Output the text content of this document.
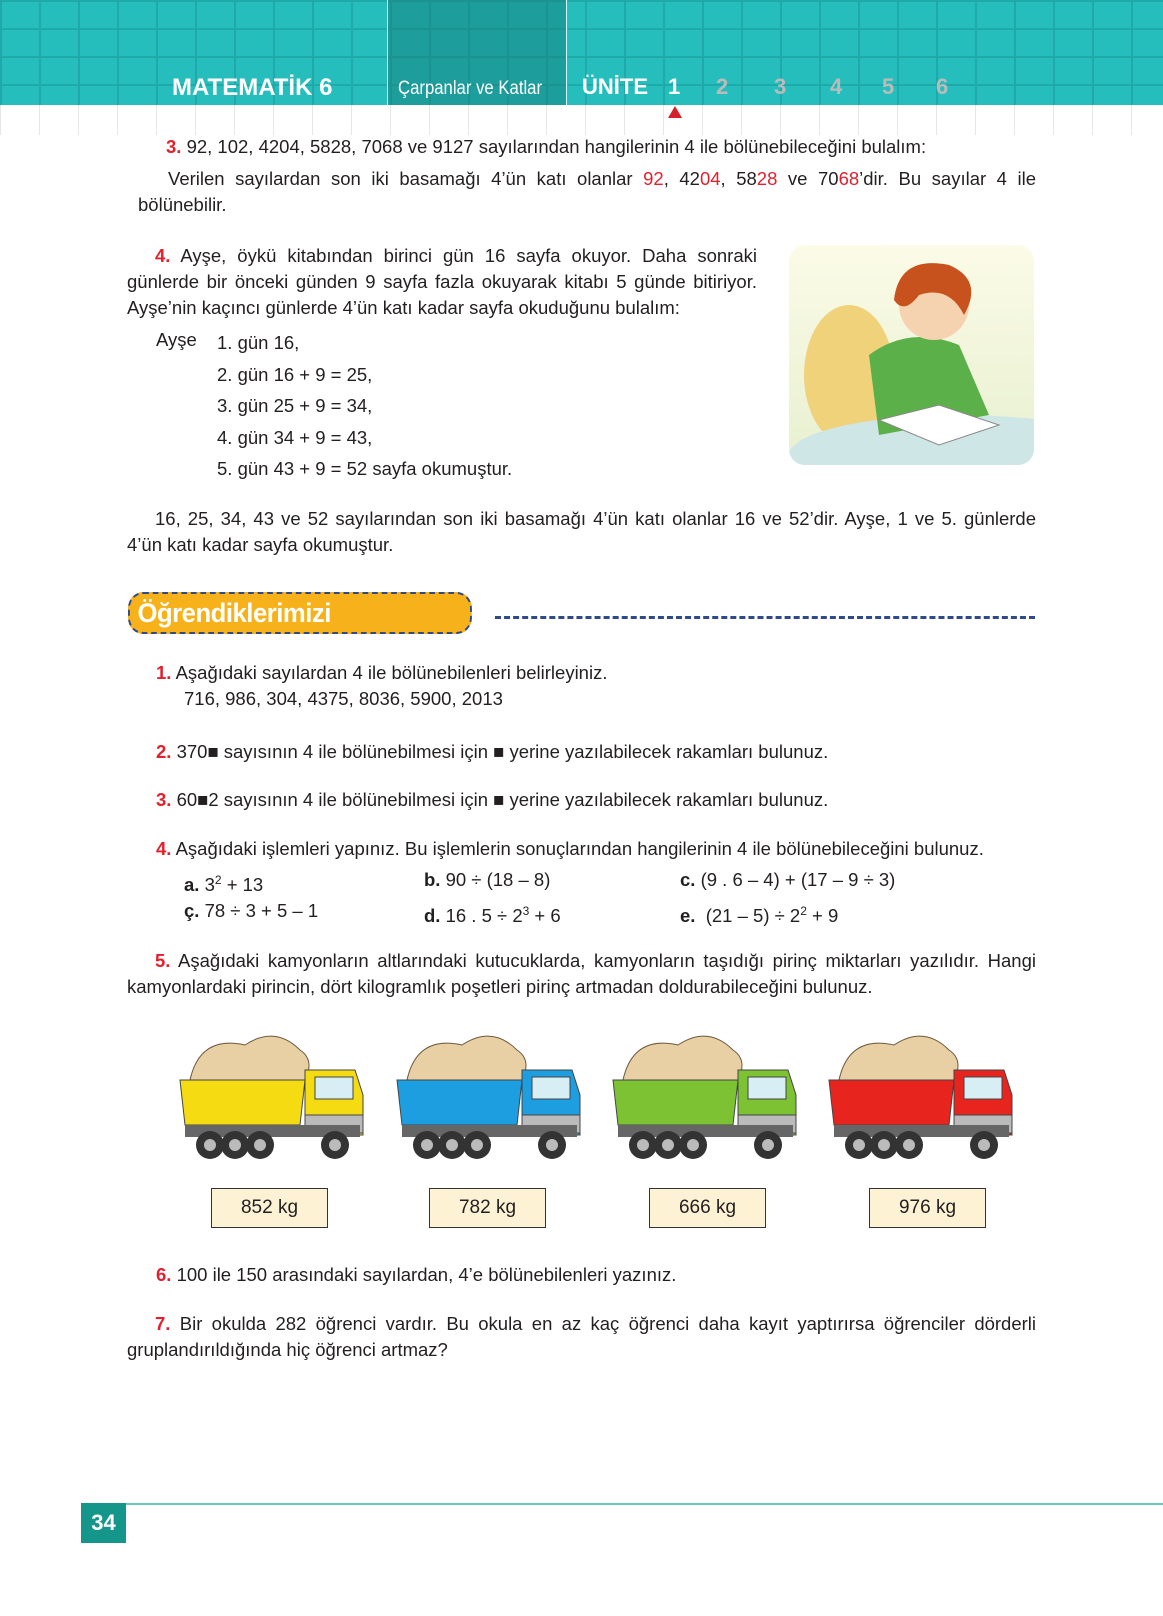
MATEMATİK 6	Çarpanlar ve Katlar ÜNİTE 1 2 3 4 5 6
3. 92, 102, 4204, 5828, 7068 ve 9127 sayılarından hangilerinin 4 ile bölünebileceğini bulalım:
Verilen sayılardan son iki basamağı 4’ün katı olanlar 92, 4204, 5828 ve 7068’dir. Bu sayılar 4 ile bölünebilir.
4. Ayşe, öykü kitabından birinci gün 16 sayfa okuyor. Daha sonraki günlerde bir önceki günden 9 sayfa fazla okuyarak kitabı 5 günde bitiriyor. Ayşe’nin kaçıncı günlerde 4’ün katı kadar sayfa okuduğunu bulalım:
Ayşe 1. gün 16,
2. gün 16 + 9 = 25,
3. gün 25 + 9 = 34,
4. gün 34 + 9 = 43,
5. gün 43 + 9 = 52 sayfa okumuştur.
16, 25, 34, 43 ve 52 sayılarından son iki basamağı 4’ün katı olanlar 16 ve 52’dir. Ayşe, 1 ve 5. günlerde 4’ün katı kadar sayfa okumuştur.
Öğrendiklerimizi Uygulayalım
1. Aşağıdaki sayılardan 4 ile bölünebilenleri belirleyiniz.
716, 986, 304, 4375, 8036, 5900, 2013
2. 370■ sayısının 4 ile bölünebilmesi için ■ yerine yazılabilecek rakamları bulunuz.
3. 60■2 sayısının 4 ile bölünebilmesi için ■ yerine yazılabilecek rakamları bulunuz.
4. Aşağıdaki işlemleri yapınız. Bu işlemlerin sonuçlarından hangilerinin 4 ile bölünebileceğini bulunuz.
a. $3^2 + 13$	b. 90 ÷ (18 – 8)	c. (9 . 6 – 4) + (17 – 9 ÷ 3)
ç. 78 ÷ 3 + 5 – 1	d. 16 . $5 \div 2^3 + 6$	e. $(21 - 5) \div 2^2 + 9$
5. Aşağıdaki kamyonların altlarındaki kutucuklarda, kamyonların taşıdığı pirinç miktarları yazılıdır. Hangi kamyonlardaki pirincin, dört kilogramlık poşetleri pirinç artmadan doldurabileceğini bulunuz.
852 kg	782 kg	666 kg	976 kg
6. 100 ile 150 arasındaki sayılardan, 4’e bölünebilenleri yazınız.
7. Bir okulda 282 öğrenci vardır. Bu okula en az kaç öğrenci daha kayıt yaptırırsa öğrenciler dörderli gruplandırıldığında hiç öğrenci artmaz?
34
